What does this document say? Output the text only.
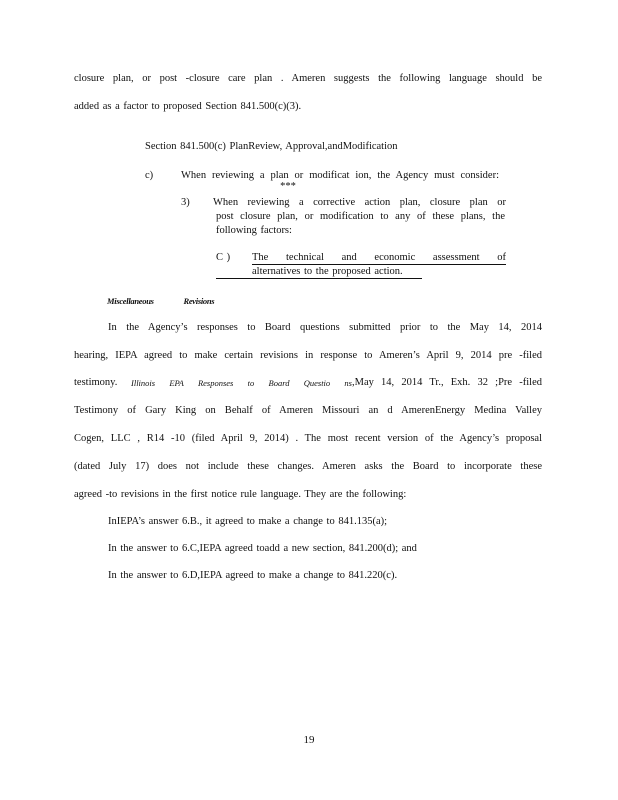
closure plan, or post -closure care plan . Ameren suggests the following language should be
added as a factor to proposed Section 841.500(c)(3).
Section 841.500(c) PlanReview, Approval,andModification
c)	When reviewing a plan or modificat ion, the Agency must consider:
***
3) When reviewing a corrective action plan, closure plan or
post closure plan, or modification to any of these plans, the
following factors:
C ) The technical and economic assessment of
alternatives to the proposed action.
Miscellaneous Revisions
In the Agency’s responses to Board questions submitted prior to the May 14, 2014
hearing, IEPA agreed to make certain revisions in response to Ameren’s April 9, 2014 pre -filed
testimony. Illinois EPA Responses to Board Questio ns ,May 14, 2014 Tr., Exh. 32 ;Pre -filed
Testimony of Gary King on Behalf of Ameren Missouri an d AmerenEnergy Medina Valley
Cogen, LLC , R14 -10 (filed April 9, 2014) . The most recent version of the Agency’s proposal
(dated July 17) does not include these changes. Ameren asks the Board to incorporate these
agreed -to revisions in the first notice rule language. They are the following:
InIEPA’s answer 6.B., it agreed to make a change to 841.135(a);
In the answer to 6.C,IEPA agreed toadd a new section, 841.200(d); and
In the answer to 6.D,IEPA agreed to make a change to 841.220(c).
19
